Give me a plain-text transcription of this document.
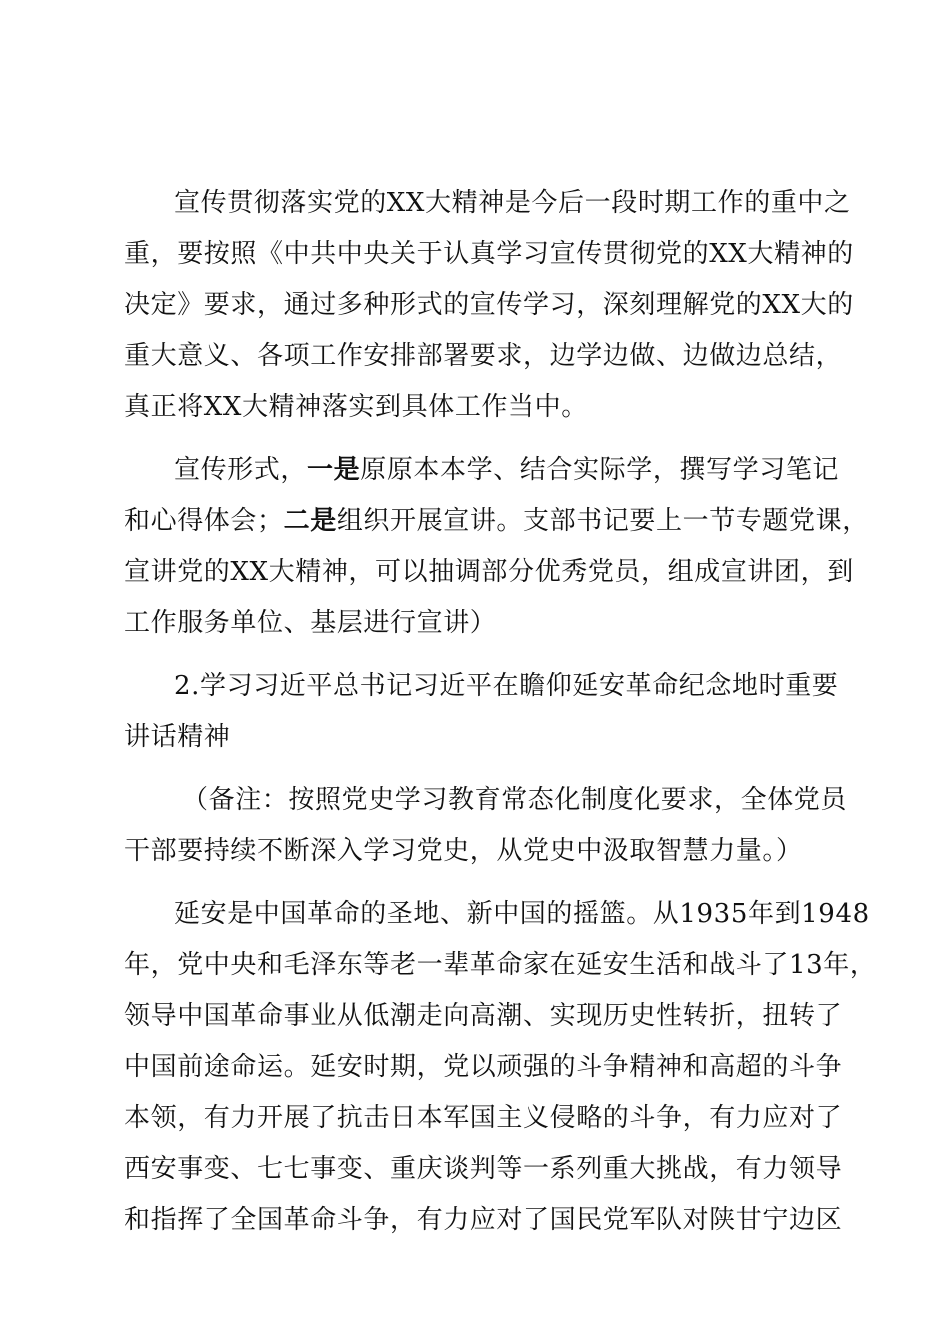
宣传贯彻落实党的XX大精神是今后一段时期工作的重中之
重，要按照《中共中央关于认真学习宣传贯彻党的XX大精神的
决定》要求，通过多种形式的宣传学习，深刻理解党的XX大的
重大意义、各项工作安排部署要求，边学边做、边做边总结，
真正将XX大精神落实到具体工作当中。
宣传形式，一是原原本本学、结合实际学，撰写学习笔记
和心得体会；二是组织开展宣讲。支部书记要上一节专题党课，
宣讲党的XX大精神，可以抽调部分优秀党员，组成宣讲团，到
工作服务单位、基层进行宣讲）
2.学习习近平总书记习近平在瞻仰延安革命纪念地时重要
讲话精神
（备注：按照党史学习教育常态化制度化要求，全体党员
干部要持续不断深入学习党史，从党史中汲取智慧力量。）
延安是中国革命的圣地、新中国的摇篮。从1935年到1948
年，党中央和毛泽东等老一辈革命家在延安生活和战斗了13年，
领导中国革命事业从低潮走向高潮、实现历史性转折，扭转了
中国前途命运。延安时期，党以顽强的斗争精神和高超的斗争
本领，有力开展了抗击日本军国主义侵略的斗争，有力应对了
西安事变、七七事变、重庆谈判等一系列重大挑战，有力领导
和指挥了全国革命斗争，有力应对了国民党军队对陕甘宁边区
